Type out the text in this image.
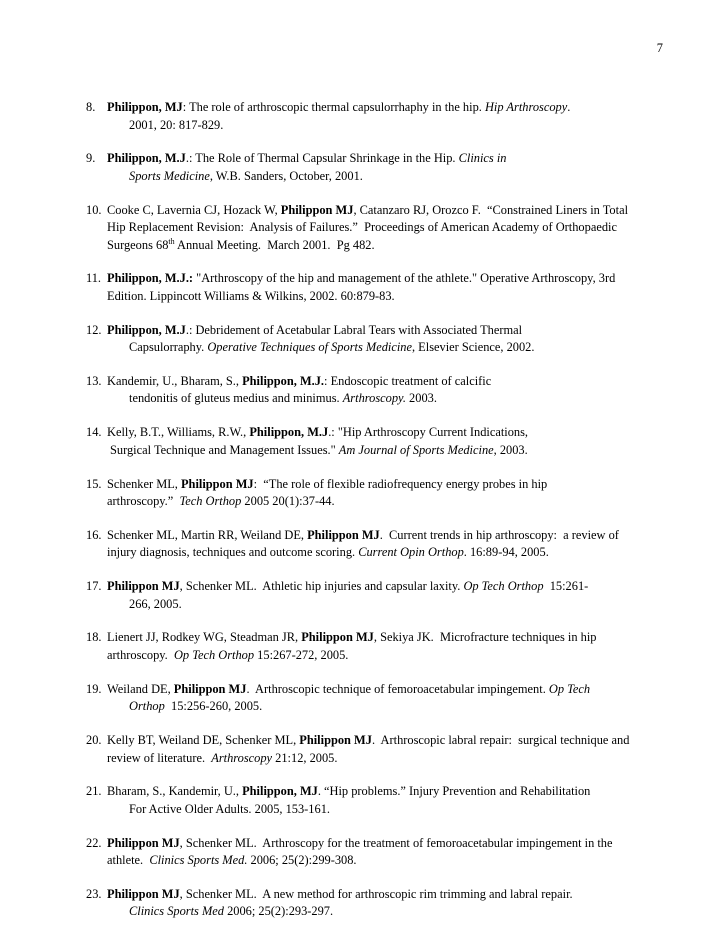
7
8. Philippon, MJ: The role of arthroscopic thermal capsulorrhaphy in the hip. Hip Arthroscopy.
2001, 20: 817-829.
9. Philippon, M.J.: The Role of Thermal Capsular Shrinkage in the Hip. Clinics in
Sports Medicine, W.B. Sanders, October, 2001.
10. Cooke C, Lavernia CJ, Hozack W, Philippon MJ, Catanzaro RJ, Orozco F.  “Constrained Liners in Total
Hip Replacement Revision:  Analysis of Failures.”  Proceedings of American Academy of Orthopaedic
Surgeons 68th Annual Meeting.  March 2001.  Pg 482.
11. Philippon, M.J.: "Arthroscopy of the hip and management of the athlete." Operative Arthroscopy, 3rd
Edition. Lippincott Williams & Wilkins, 2002. 60:879-83.
12. Philippon, M.J.: Debridement of Acetabular Labral Tears with Associated Thermal
Capsulorraphy. Operative Techniques of Sports Medicine, Elsevier Science, 2002.
13. Kandemir, U., Bharam, S., Philippon, M.J.: Endoscopic treatment of calcific
tendonitis of gluteus medius and minimus. Arthroscopy. 2003.
14. Kelly, B.T., Williams, R.W., Philippon, M.J.: "Hip Arthroscopy Current Indications,
Surgical Technique and Management Issues." Am Journal of Sports Medicine, 2003.
15. Schenker ML, Philippon MJ:  “The role of flexible radiofrequency energy probes in hip
arthroscopy.”  Tech Orthop 2005 20(1):37-44.
16. Schenker ML, Martin RR, Weiland DE, Philippon MJ.  Current trends in hip arthroscopy:  a review of
injury diagnosis, techniques and outcome scoring. Current Opin Orthop. 16:89-94, 2005.
17. Philippon MJ, Schenker ML.  Athletic hip injuries and capsular laxity. Op Tech Orthop  15:261-
266, 2005.
18. Lienert JJ, Rodkey WG, Steadman JR, Philippon MJ, Sekiya JK.  Microfracture techniques in hip
arthroscopy.  Op Tech Orthop 15:267-272, 2005.
19. Weiland DE, Philippon MJ.  Arthroscopic technique of femoroacetabular impingement. Op Tech
Orthop  15:256-260, 2005.
20. Kelly BT, Weiland DE, Schenker ML, Philippon MJ.  Arthroscopic labral repair:  surgical technique and
review of literature.  Arthroscopy 21:12, 2005.
21. Bharam, S., Kandemir, U., Philippon, MJ. “Hip problems.” Injury Prevention and Rehabilitation
For Active Older Adults. 2005, 153-161.
22. Philippon MJ, Schenker ML.  Arthroscopy for the treatment of femoroacetabular impingement in the
athlete.  Clinics Sports Med. 2006; 25(2):299-308.
23. Philippon MJ, Schenker ML.  A new method for arthroscopic rim trimming and labral repair.
Clinics Sports Med 2006; 25(2):293-297.
